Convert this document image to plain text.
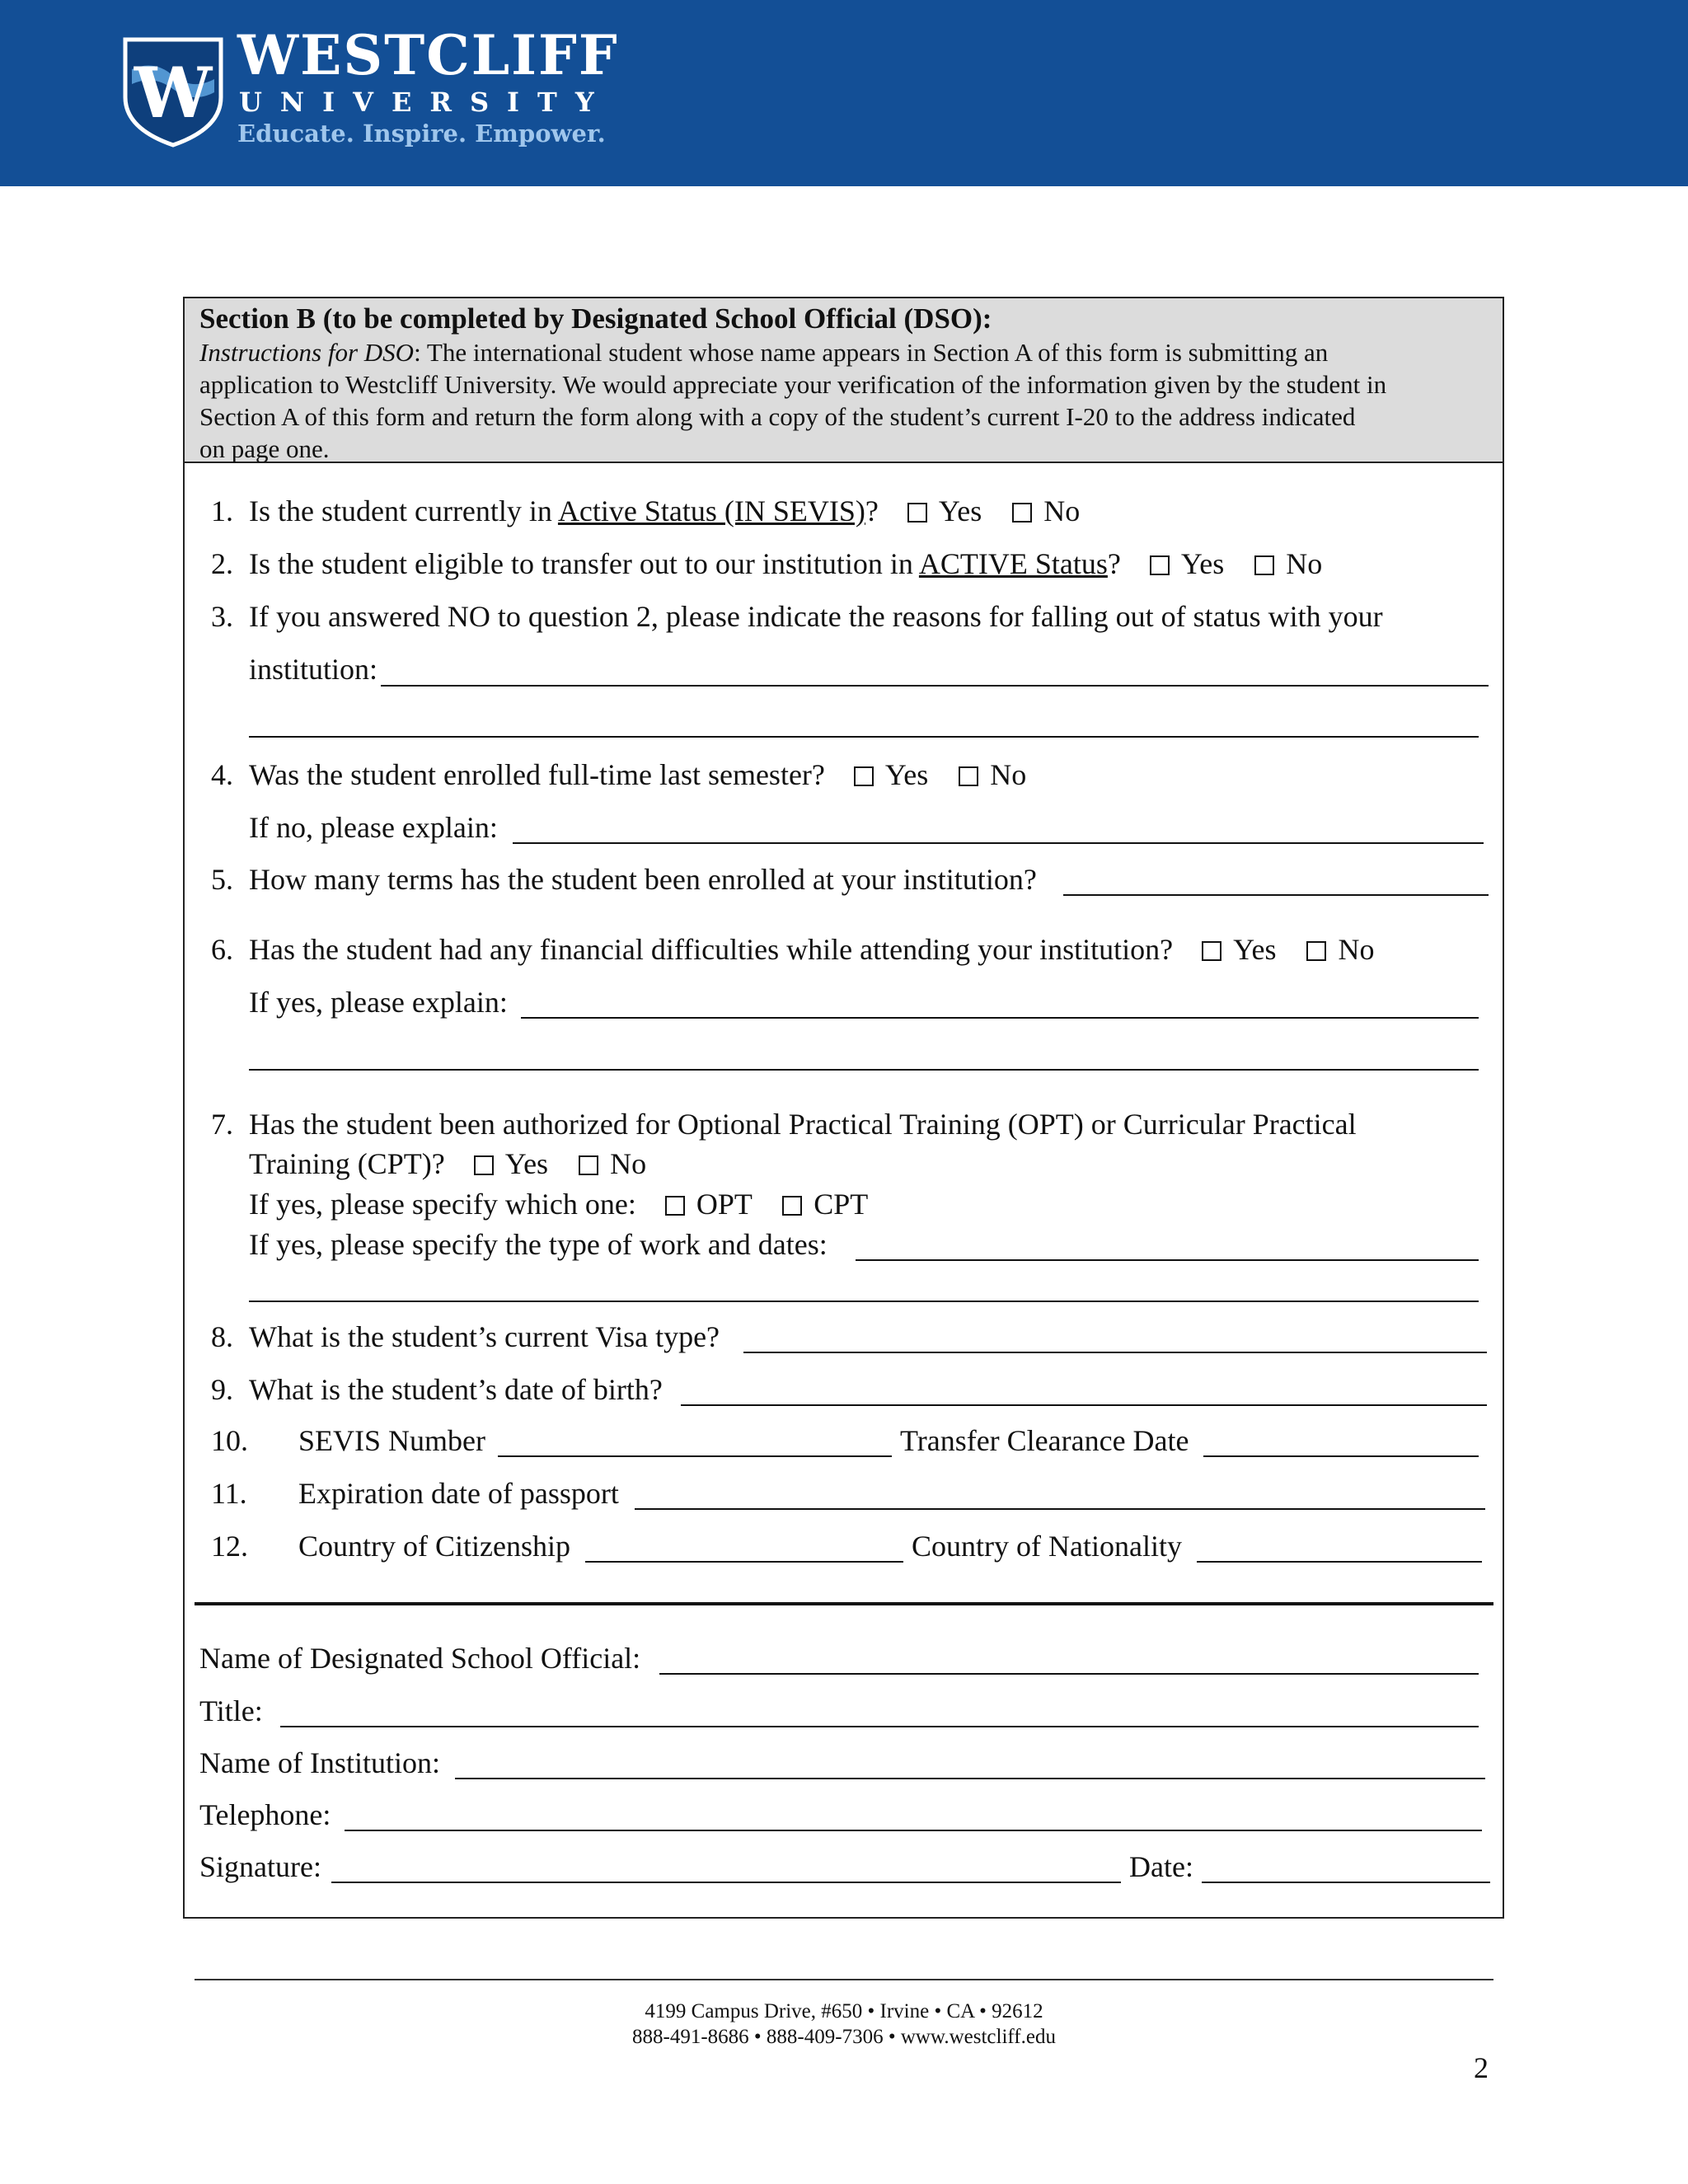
W WESTCLIFF
UNIVERSITY
Educate. Inspire. Empower.
Section B (to be completed by Designated School Official (DSO):
Instructions for DSO: The international student whose name appears in Section A of this form is submitting an
application to Westcliff University. We would appreciate your verification of the information given by the student in
Section A of this form and return the form along with a copy of the student’s current I-20 to the address indicated
on page one.
1. Is the student currently in Active Status (IN SEVIS)? Yes No
2. Is the student eligible to transfer out to our institution in ACTIVE Status? Yes No
3. If you answered NO to question 2, please indicate the reasons for falling out of status with your
institution:
4. Was the student enrolled full-time last semester? Yes No
If no, please explain:
5. How many terms has the student been enrolled at your institution?
6. Has the student had any financial difficulties while attending your institution? Yes No
If yes, please explain:
7. Has the student been authorized for Optional Practical Training (OPT) or Curricular Practical
Training (CPT)? Yes No
If yes, please specify which one: OPT CPT
If yes, please specify the type of work and dates:
8. What is the student’s current Visa type?
9. What is the student’s date of birth?
10. SEVIS Number	Transfer Clearance Date
11. Expiration date of passport
12. Country of Citizenship	Country of Nationality
Name of Designated School Official:
Title:
Name of Institution:
Telephone:
Signature:	Date:
4199 Campus Drive, #650 • Irvine • CA • 92612
888-491-8686 • 888-409-7306 • www.westcliff.edu
2
